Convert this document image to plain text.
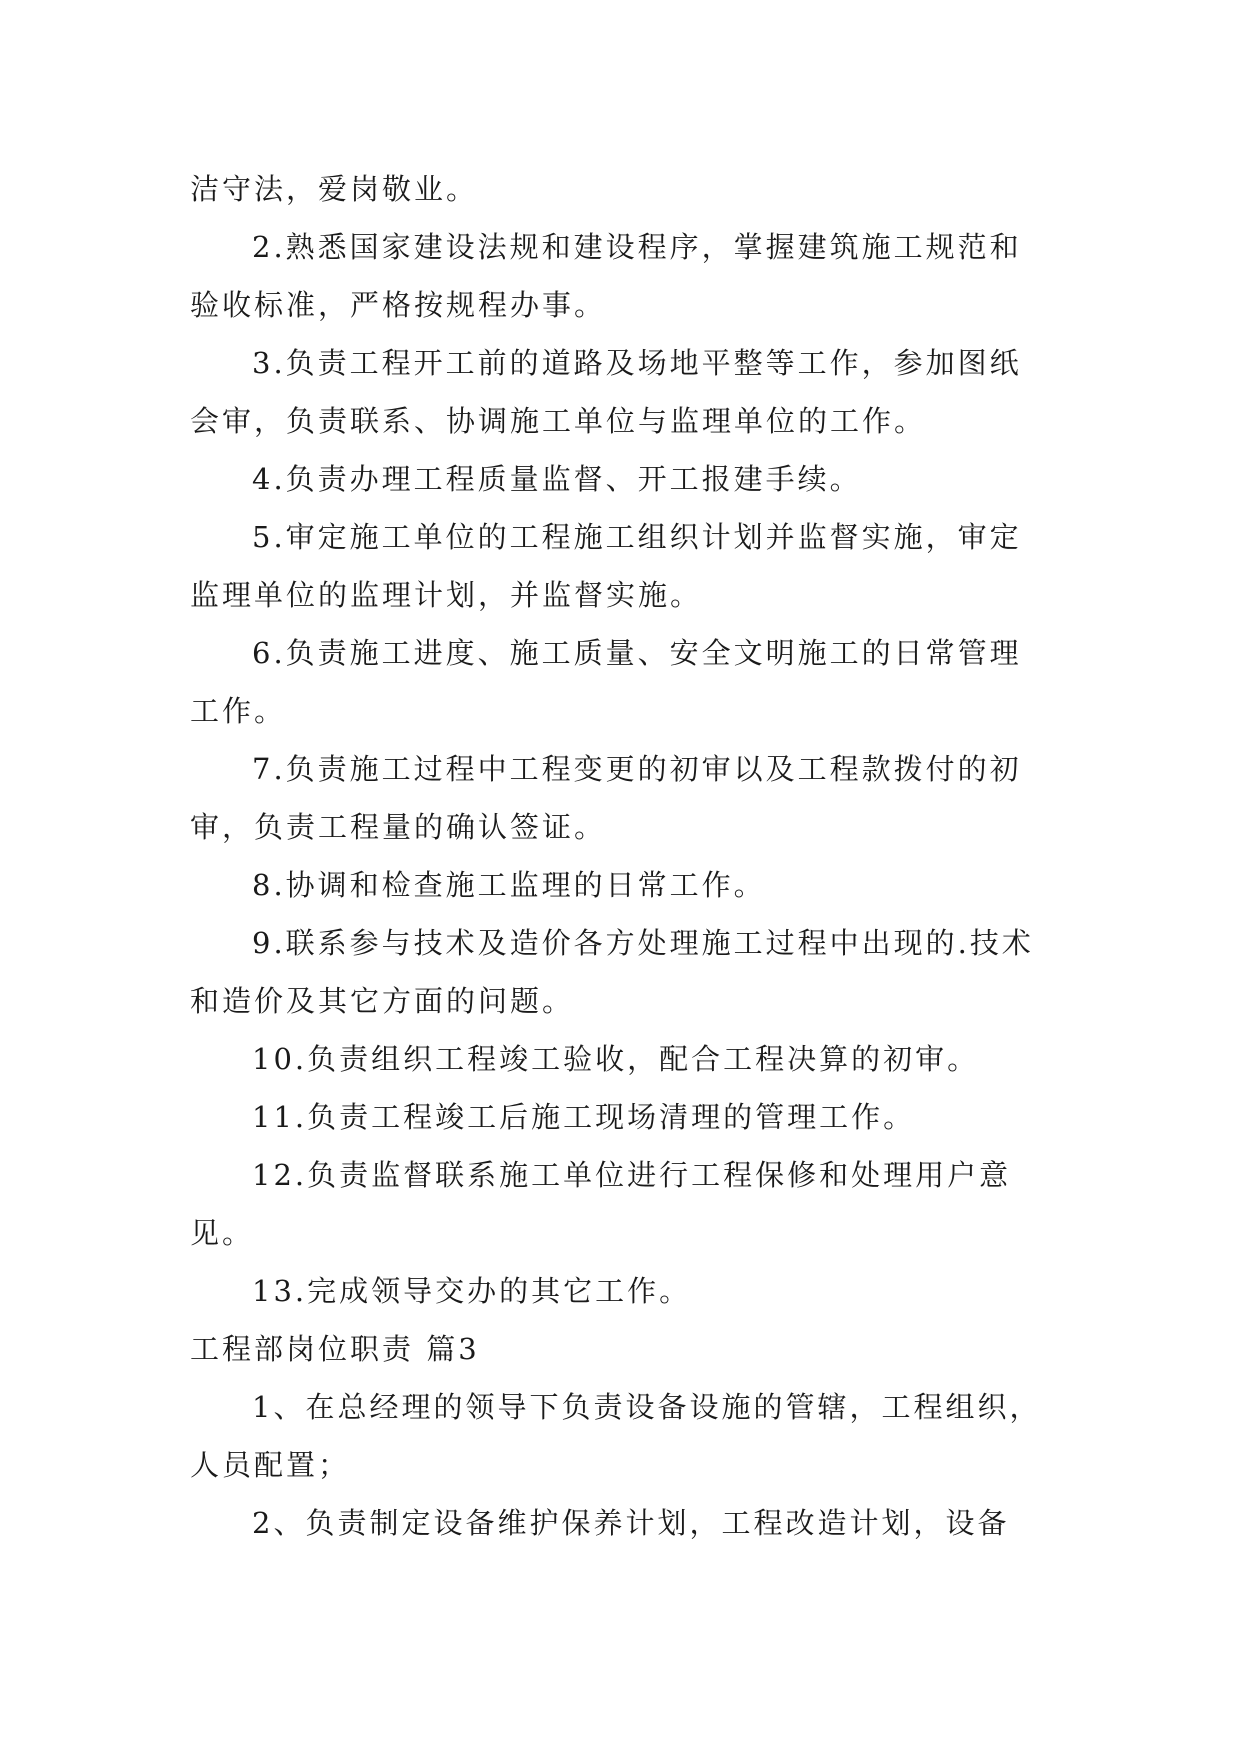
洁守法，爱岗敬业。

2.熟悉国家建设法规和建设程序，掌握建筑施工规范和验收标准，严格按规程办事。

3.负责工程开工前的道路及场地平整等工作，参加图纸会审，负责联系、协调施工单位与监理单位的工作。

4.负责办理工程质量监督、开工报建手续。

5.审定施工单位的工程施工组织计划并监督实施，审定监理单位的监理计划，并监督实施。

6.负责施工进度、施工质量、安全文明施工的日常管理工作。

7.负责施工过程中工程变更的初审以及工程款拨付的初审，负责工程量的确认签证。

8.协调和检查施工监理的日常工作。

9.联系参与技术及造价各方处理施工过程中出现的.技术和造价及其它方面的问题。

10.负责组织工程竣工验收，配合工程决算的初审。

11.负责工程竣工后施工现场清理的管理工作。

12.负责监督联系施工单位进行工程保修和处理用户意见。

13.完成领导交办的其它工作。

工程部岗位职责 篇3

1、在总经理的领导下负责设备设施的管辖，工程组织，人员配置；

2、负责制定设备维护保养计划，工程改造计划，设备
